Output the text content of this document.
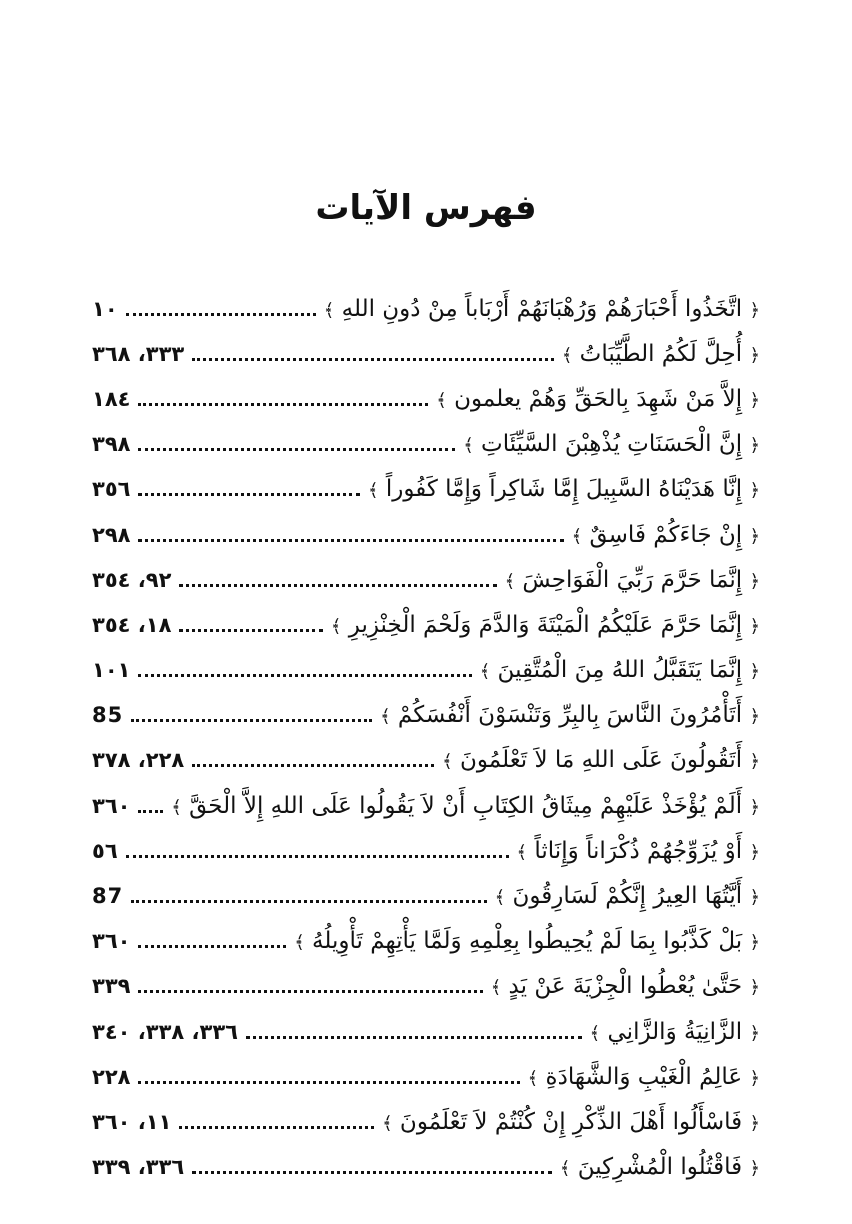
فهرس الآيات
﴿ اتَّخَذُوا أَحْبَارَهُمْ وَرُهْبَانَهُمْ أَرْبَاباً مِنْ دُونِ اللهِ ﴾
١٠
﴿ أُحِلَّ لَكُمُ الطَّيِّبَاتُ ﴾
٣٣٣، ٣٦٨
﴿ إِلاَّ مَنْ شَهِدَ بِالحَقِّ وَهُمْ يعلمون ﴾
١٨٤
﴿ إِنَّ الْحَسَنَاتِ يُذْهِبْنَ السَّيِّئَاتِ ﴾
٣٩٨
﴿ إِنَّا هَدَيْنَاهُ السَّبِيلَ إِمَّا شَاكِراً وَإِمَّا كَفُوراً ﴾
٣٥٦
﴿ إِنْ جَاءَكُمْ فَاسِقٌ ﴾
٢٩٨
﴿ إِنَّمَا حَرَّمَ رَبِّيَ الْفَوَاحِشَ ﴾
٩٢، ٣٥٤
﴿ إِنَّمَا حَرَّمَ عَلَيْكُمُ الْمَيْتَةَ وَالدَّمَ وَلَحْمَ الْخِنْزِيرِ ﴾
١٨، ٣٥٤
﴿ إِنَّمَا يَتَقَبَّلُ اللهُ مِنَ الْمُتَّقِينَ ﴾
١٠١
﴿ أَتَأْمُرُونَ النَّاسَ بِالبِرِّ وَتَنْسَوْنَ أَنْفُسَكُمْ ﴾
85
﴿ أَتَقُولُونَ عَلَى اللهِ مَا لاَ تَعْلَمُونَ ﴾
٢٢٨، ٣٧٨
﴿ أَلَمْ يُؤْخَذْ عَلَيْهِمْ مِيثَاقُ الكِتَابِ أَنْ لاَ يَقُولُوا عَلَى اللهِ إِلاَّ الْحَقَّ ﴾
٣٦٠
﴿ أَوْ يُزَوِّجُهُمْ ذُكْرَاناً وَإِنَاثاً ﴾
٥٦
﴿ أَيَّتُهَا العِيرُ إِنَّكُمْ لَسَارِقُونَ ﴾
87
﴿ بَلْ كَذَّبُوا بِمَا لَمْ يُحِيطُوا بِعِلْمِهِ وَلَمَّا يَأْتِهِمْ تَأْوِيلُهُ ﴾
٣٦٠
﴿ حَتَّىٰ يُعْطُوا الْجِزْيَةَ عَنْ يَدٍ ﴾
٣٣٩
﴿ الزَّانِيَةُ وَالزَّانِي ﴾
٣٣٦، ٣٣٨، ٣٤٠
﴿ عَالِمُ الْغَيْبِ وَالشَّهَادَةِ ﴾
٢٢٨
﴿ فَاسْأَلُوا أَهْلَ الذِّكْرِ إِنْ كُنْتُمْ لاَ تَعْلَمُونَ ﴾
١١، ٣٦٠
﴿ فَاقْتُلُوا الْمُشْرِكِينَ ﴾
٣٣٦، ٣٣٩
